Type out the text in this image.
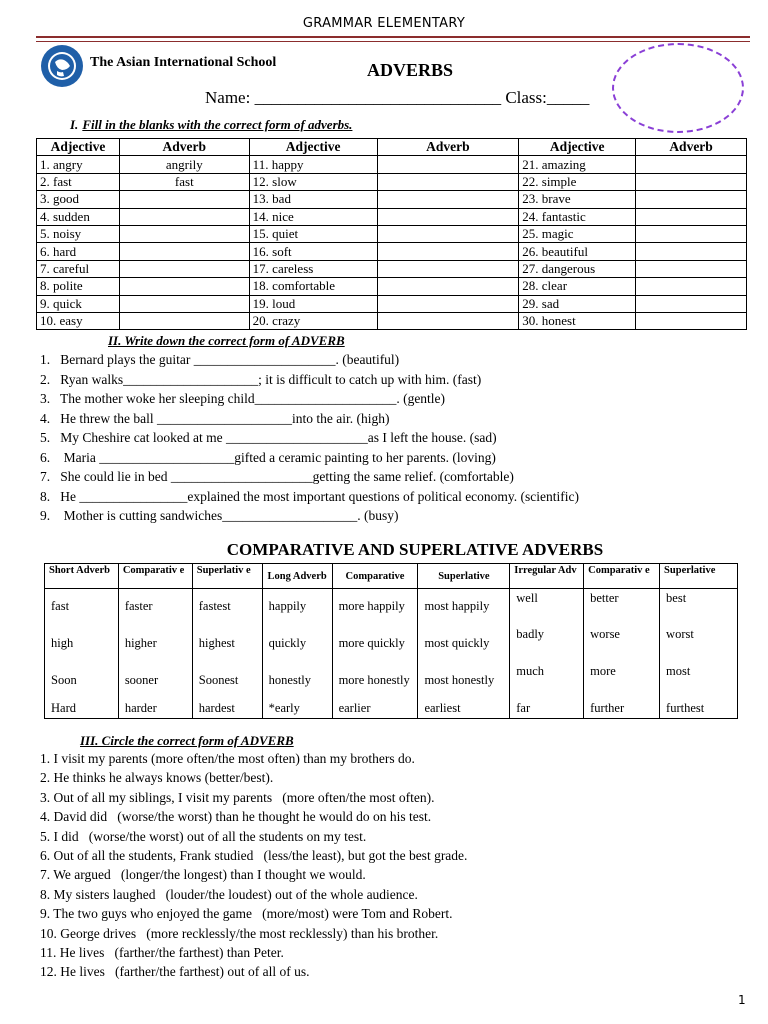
GRAMMAR ELEMENTARY
The Asian International School	ADVERBS
Name: _____________________________ Class:_____
I. Fill in the blanks with the correct form of adverbs.
Adjective	Adverb	Adjective	Adverb	Adjective	Adverb
1. angry	angrily	11. happy		21. amazing	
2. fast	fast	12. slow		22. simple	
3. good		13. bad		23. brave	
4. sudden		14. nice		24. fantastic	
5. noisy		15. quiet		25. magic	
6. hard		16. soft		26. beautiful	
7. careful		17. careless		27. dangerous	
8. polite		18. comfortable		28. clear	
9. quick		19. loud		29. sad	
10. easy		20. crazy		30. honest	
II. Write down the correct form of ADVERB
1.   Bernard plays the guitar _____________________. (beautiful)
2.   Ryan walks____________________; it is difficult to catch up with him. (fast)
3.   The mother woke her sleeping child_____________________. (gentle)
4.   He threw the ball ____________________into the air. (high)
5.   My Cheshire cat looked at me _____________________as I left the house. (sad)
6.    Maria ____________________gifted a ceramic painting to her parents. (loving)
7.   She could lie in bed _____________________getting the same relief. (comfortable)
8.   He ________________explained the most important questions of political economy. (scientific)
9.    Mother is cutting sandwiches____________________. (busy)
COMPARATIVE AND SUPERLATIVE ADVERBS
Short Adverb	Comparativ e	Superlativ e	Long Adverb	Comparative	Superlative	Irregular Adv	Comparativ e	Superlative
fast	faster	fastest	happily	more happily	most happily	well	better	best
high	higher	highest	quickly	more quickly	most quickly	badly	worse	worst
Soon	sooner	Soonest	honestly	more honestly	most honestly	much	more	most
Hard	harder	hardest	*early	earlier	earliest	far	further	furthest
III. Circle the correct form of ADVERB
1. I visit my parents (more often/the most often) than my brothers do.
2. He thinks he always knows (better/best).
3. Out of all my siblings, I visit my parents   (more often/the most often).
4. David did   (worse/the worst) than he thought he would do on his test.
5. I did   (worse/the worst) out of all the students on my test.
6. Out of all the students, Frank studied   (less/the least), but got the best grade.
7. We argued   (longer/the longest) than I thought we would.
8. My sisters laughed   (louder/the loudest) out of the whole audience.
9. The two guys who enjoyed the game   (more/most) were Tom and Robert.
10. George drives   (more recklessly/the most recklessly) than his brother.
11. He lives   (farther/the farthest) than Peter.
12. He lives   (farther/the farthest) out of all of us.
1
